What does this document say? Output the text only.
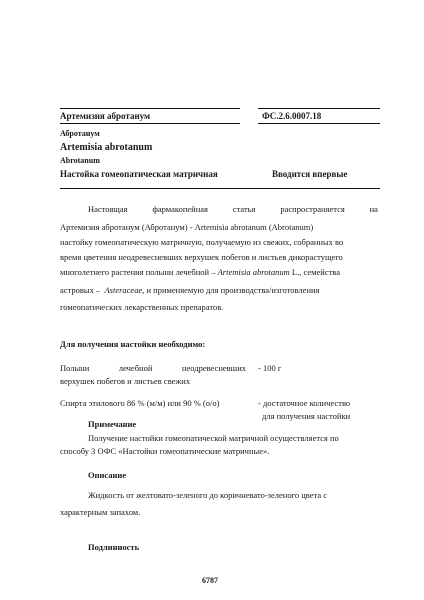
Артемизия абротанум	ФС.2.6.0007.18
Абротанум
Artemisia abrotanum
Abrotanum
Настойка гомеопатическая матричная	Вводится впервые
Настоящая	фармакопейная	статья	распространяется	на
Артемизия абротанум (Абротанум) - Artemisia abrotanum (Abrotanum)
настойку гомеопатическую матричную, получаемую из свежих, собранных во
время цветения неодревесневших верхушек побегов и листьев дикорастущего
многолетнего растения полыни лечебной – Artemisia abrotanum L., семейства
астровых – Asteraceae, и применяемую для производства/изготовления
гомеопатических лекарственных препаратов.
Для получения настойки необходимо:
Полыни	лечебной	неодревесневших - 100 г
верхушек побегов и листьев свежих
Спирта этилового 86 % (м/м) или 90 % (о/о)	- достаточное количество
для получения настойки
Примечание
Получение настойки гомеопатической матричной осуществляется по
способу 3 ОФС «Настойки гомеопатические матричные».
Описание
Жидкость от желтовато-зеленого до коричневато-зеленого цвета с
характерным запахом.
Подлинность
6787
